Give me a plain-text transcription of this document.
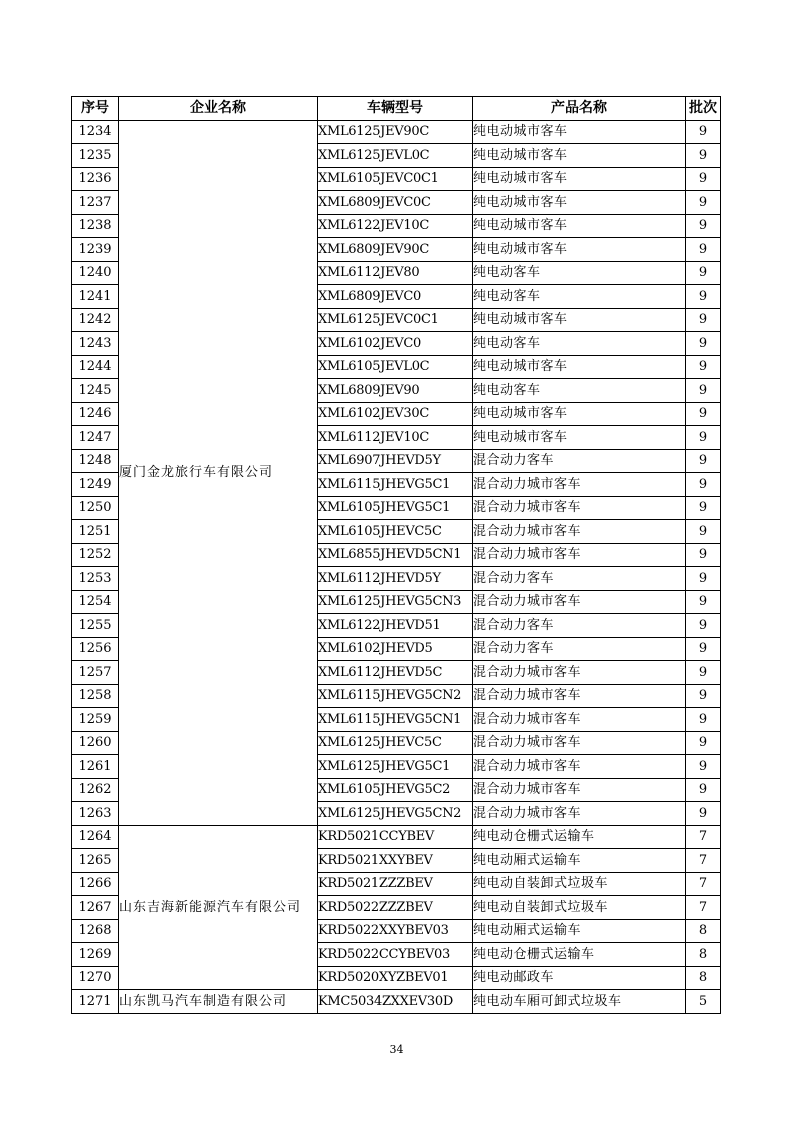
序号	企业名称	车辆型号	产品名称	批次
1234	厦门金龙旅行车有限公司	XML6125JEV90C	纯电动城市客车	9
1235		XML6125JEVL0C	纯电动城市客车	9
1236		XML6105JEVC0C1	纯电动城市客车	9
1237		XML6809JEVC0C	纯电动城市客车	9
1238		XML6122JEV10C	纯电动城市客车	9
1239		XML6809JEV90C	纯电动城市客车	9
1240		XML6112JEV80	纯电动客车	9
1241		XML6809JEVC0	纯电动客车	9
1242		XML6125JEVC0C1	纯电动城市客车	9
1243		XML6102JEVC0	纯电动客车	9
1244		XML6105JEVL0C	纯电动城市客车	9
1245		XML6809JEV90	纯电动客车	9
1246		XML6102JEV30C	纯电动城市客车	9
1247		XML6112JEV10C	纯电动城市客车	9
1248		XML6907JHEVD5Y	混合动力客车	9
1249		XML6115JHEVG5C1	混合动力城市客车	9
1250		XML6105JHEVG5C1	混合动力城市客车	9
1251		XML6105JHEVC5C	混合动力城市客车	9
1252		XML6855JHEVD5CN1	混合动力城市客车	9
1253		XML6112JHEVD5Y	混合动力客车	9
1254		XML6125JHEVG5CN3	混合动力城市客车	9
1255		XML6122JHEVD51	混合动力客车	9
1256		XML6102JHEVD5	混合动力客车	9
1257		XML6112JHEVD5C	混合动力城市客车	9
1258		XML6115JHEVG5CN2	混合动力城市客车	9
1259		XML6115JHEVG5CN1	混合动力城市客车	9
1260		XML6125JHEVC5C	混合动力城市客车	9
1261		XML6125JHEVG5C1	混合动力城市客车	9
1262		XML6105JHEVG5C2	混合动力城市客车	9
1263		XML6125JHEVG5CN2	混合动力城市客车	9
1264	山东吉海新能源汽车有限公司	KRD5021CCYBEV	纯电动仓栅式运输车	7
1265		KRD5021XXYBEV	纯电动厢式运输车	7
1266		KRD5021ZZZBEV	纯电动自装卸式垃圾车	7
1267		KRD5022ZZZBEV	纯电动自装卸式垃圾车	7
1268		KRD5022XXYBEV03	纯电动厢式运输车	8
1269		KRD5022CCYBEV03	纯电动仓栅式运输车	8
1270		KRD5020XYZBEV01	纯电动邮政车	8
1271	山东凯马汽车制造有限公司	KMC5034ZXXEV30D	纯电动车厢可卸式垃圾车	5
34
